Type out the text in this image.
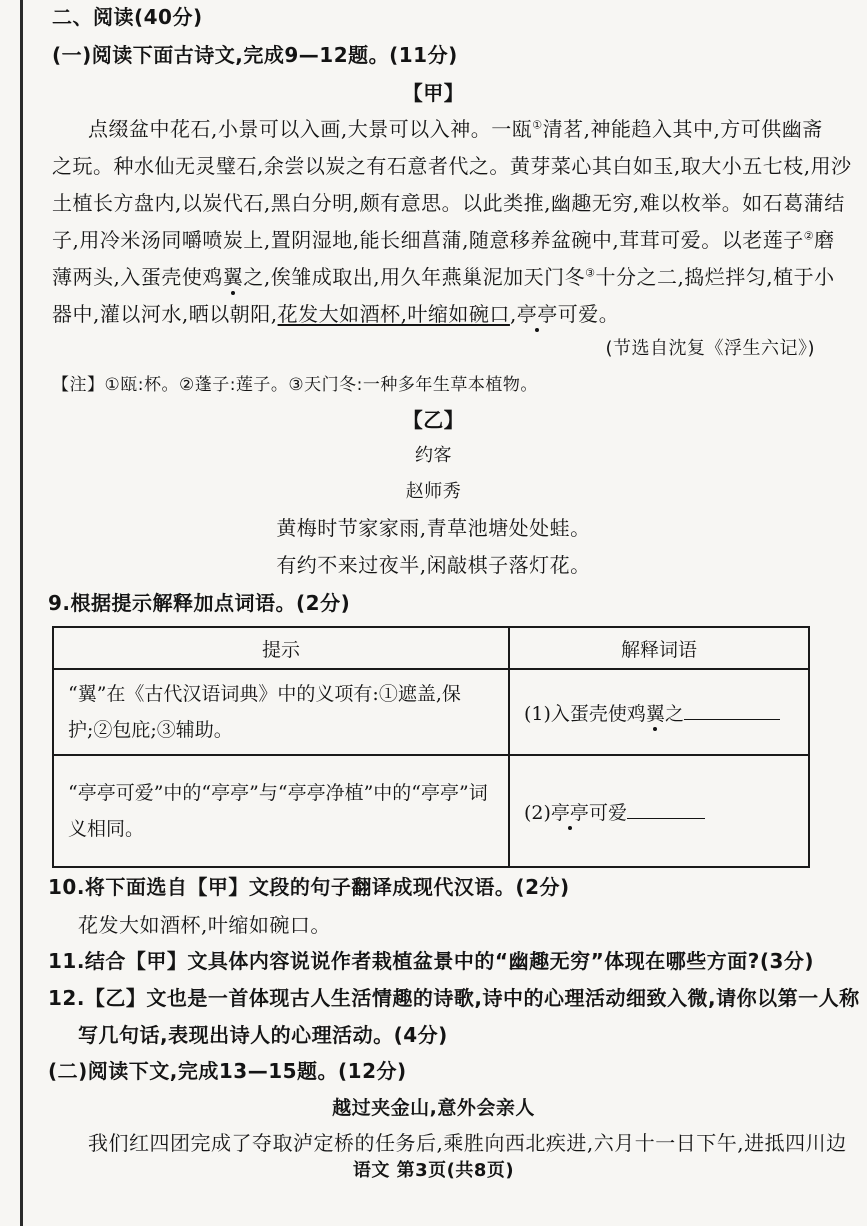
二、阅读(40分)
(一)阅读下面古诗文,完成9—12题。(11分)
【甲】
点缀盆中花石,小景可以入画,大景可以入神。一瓯①清茗,神能趋入其中,方可供幽斋
之玩。种水仙无灵璧石,余尝以炭之有石意者代之。黄芽菜心其白如玉,取大小五七枝,用沙
土植长方盘内,以炭代石,黑白分明,颇有意思。以此类推,幽趣无穷,难以枚举。如石葛蒲结
子,用冷米汤同嚼喷炭上,置阴湿地,能长细菖蒲,随意移养盆碗中,茸茸可爱。以老莲子②磨
薄两头,入蛋壳使鸡翼之,俟雏成取出,用久年燕巢泥加天门冬③十分之二,捣烂拌匀,植于小
器中,灌以河水,晒以朝阳,花发大如酒杯,叶缩如碗口,亭亭可爱。
(节选自沈复《浮生六记》)
【注】①瓯:杯。②蓬子:莲子。③天门冬:一种多年生草本植物。
【乙】
约客
赵师秀
黄梅时节家家雨,青草池塘处处蛙。
有约不来过夜半,闲敲棋子落灯花。
9.根据提示解释加点词语。(2分)
提示	解释词语
“翼”在《古代汉语词典》中的义项有:①遮盖,保护;②包庇;③辅助。	(1)入蛋壳使鸡翼之
“亭亭可爱”中的“亭亭”与“亭亭净植”中的“亭亭”词义相同。	(2)亭亭可爱
10.将下面选自【甲】文段的句子翻译成现代汉语。(2分)
花发大如酒杯,叶缩如碗口。
11.结合【甲】文具体内容说说作者栽植盆景中的“幽趣无穷”体现在哪些方面?(3分)
12.【乙】文也是一首体现古人生活情趣的诗歌,诗中的心理活动细致入微,请你以第一人称
写几句话,表现出诗人的心理活动。(4分)
(二)阅读下文,完成13—15题。(12分)
越过夹金山,意外会亲人
我们红四团完成了夺取泸定桥的任务后,乘胜向西北疾进,六月十一日下午,进抵四川边
语文 第3页(共8页)
